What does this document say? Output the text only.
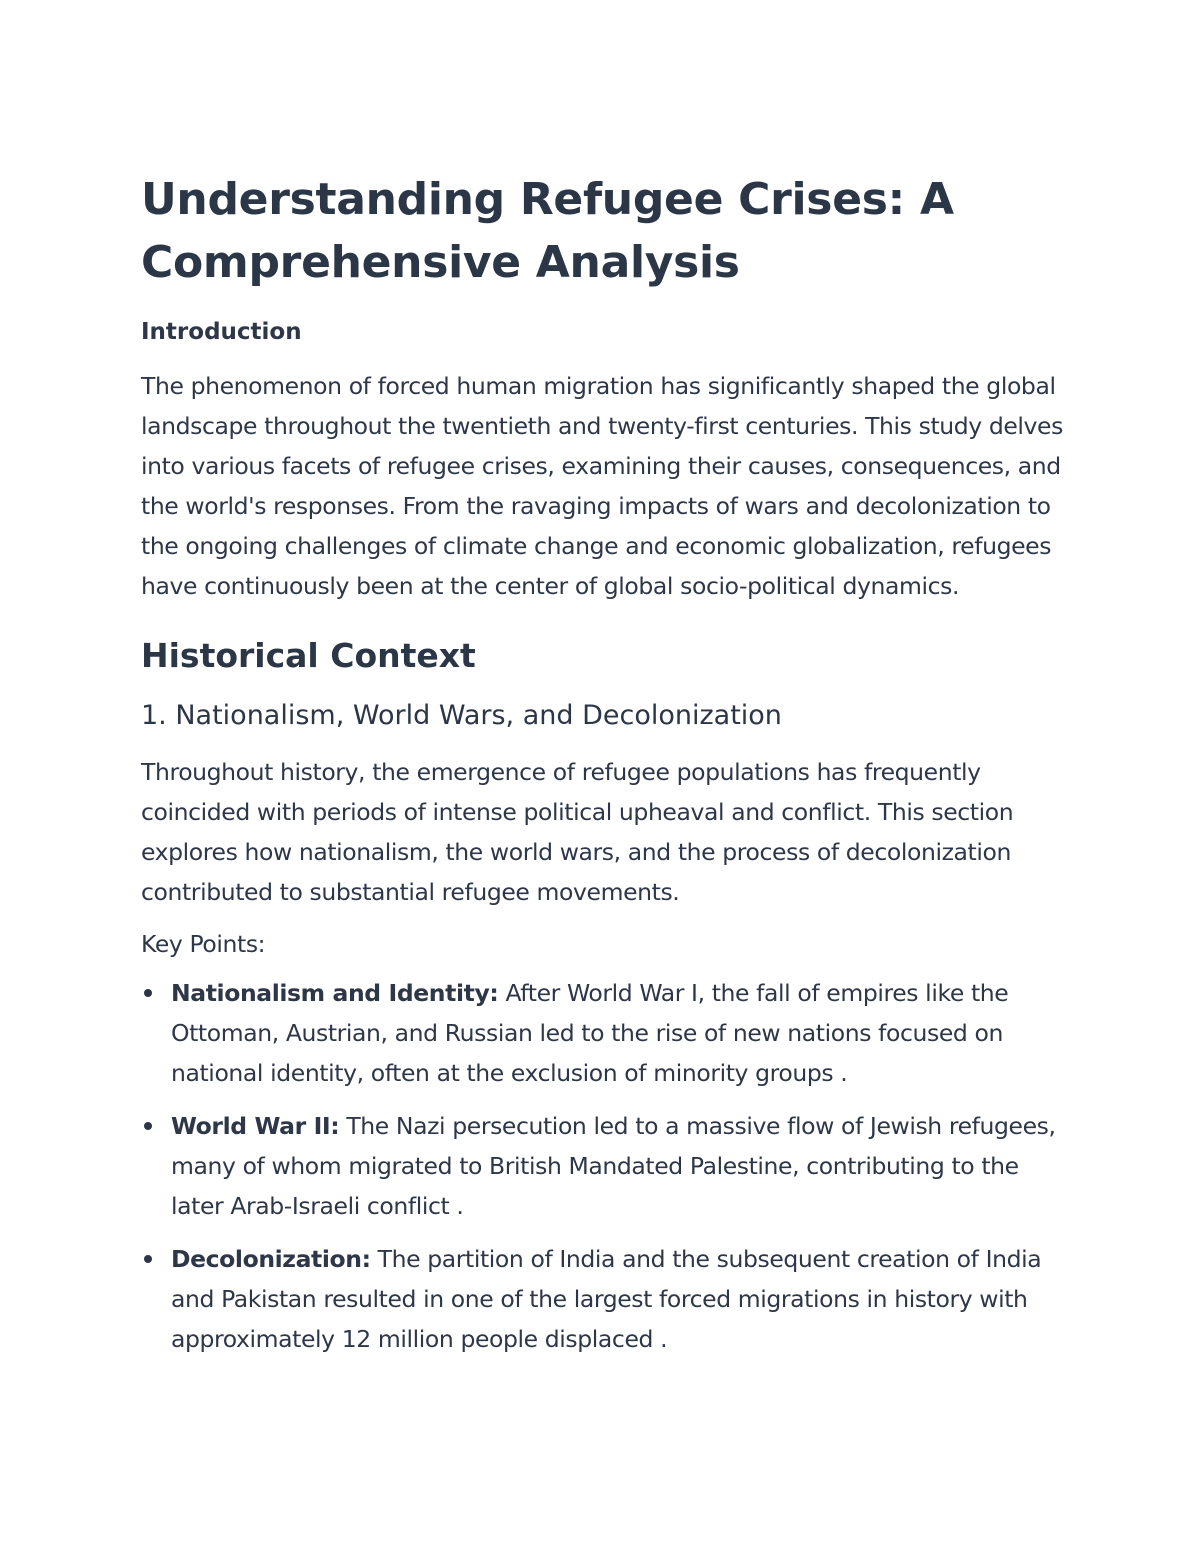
Understanding Refugee Crises: A Comprehensive Analysis
Introduction

The phenomenon of forced human migration has significantly shaped the global landscape throughout the twentieth and twenty-first centuries. This study delves into various facets of refugee crises, examining their causes, consequences, and the world's responses. From the ravaging impacts of wars and decolonization to the ongoing challenges of climate change and economic globalization, refugees have continuously been at the center of global socio-political dynamics.

Historical Context
1. Nationalism, World Wars, and Decolonization

Throughout history, the emergence of refugee populations has frequently coincided with periods of intense political upheaval and conflict. This section explores how nationalism, the world wars, and the process of decolonization contributed to substantial refugee movements.

Key Points:
Nationalism and Identity: After World War I, the fall of empires like the Ottoman, Austrian, and Russian led to the rise of new nations focused on national identity, often at the exclusion of minority groups .
World War II: The Nazi persecution led to a massive flow of Jewish refugees, many of whom migrated to British Mandated Palestine, contributing to the later Arab-Israeli conflict .
Decolonization: The partition of India and the subsequent creation of India and Pakistan resulted in one of the largest forced migrations in history with approximately 12 million people displaced .
